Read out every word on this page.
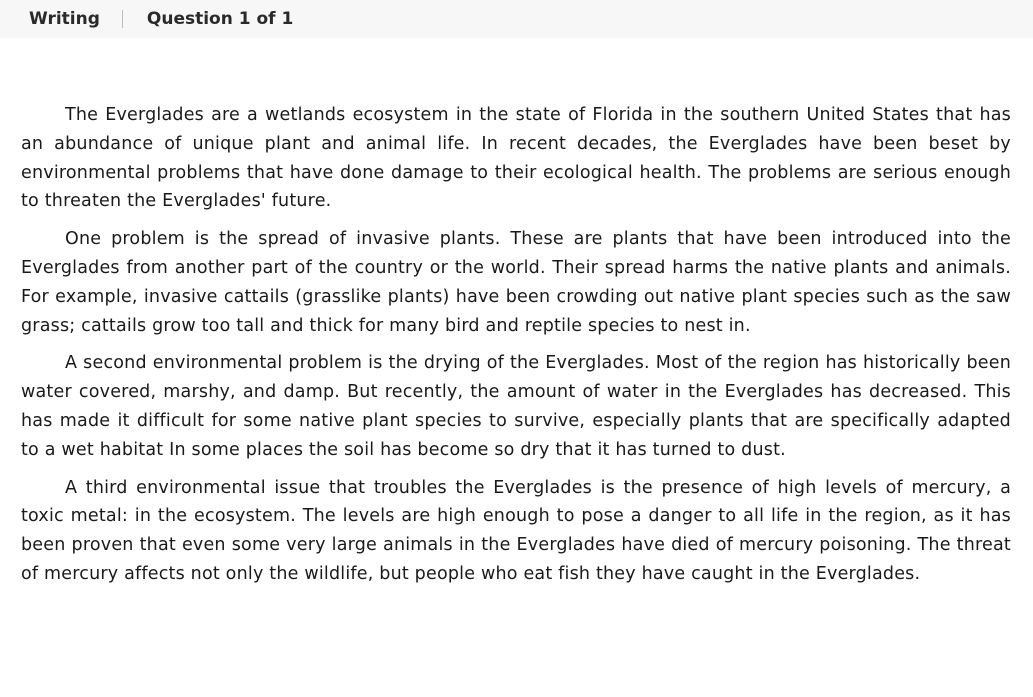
Writing	Question 1 of 1

The Everglades are a wetlands ecosystem in the state of Florida in the southern United States that has an abundance of unique plant and animal life. In recent decades, the Everglades have been beset by environmental problems that have done damage to their ecological health. The problems are serious enough to threaten the Everglades' future.

One problem is the spread of invasive plants. These are plants that have been introduced into the Everglades from another part of the country or the world. Their spread harms the native plants and animals. For example, invasive cattails (grasslike plants) have been crowding out native plant species such as the saw grass; cattails grow too tall and thick for many bird and reptile species to nest in.

A second environmental problem is the drying of the Everglades. Most of the region has historically been water covered, marshy, and damp. But recently, the amount of water in the Everglades has decreased. This has made it difficult for some native plant species to survive, especially plants that are specifically adapted to a wet habitat In some places the soil has become so dry that it has turned to dust.

A third environmental issue that troubles the Everglades is the presence of high levels of mercury, a toxic metal: in the ecosystem. The levels are high enough to pose a danger to all life in the region, as it has been proven that even some very large animals in the Everglades have died of mercury poisoning. The threat of mercury affects not only the wildlife, but people who eat fish they have caught in the Everglades.
